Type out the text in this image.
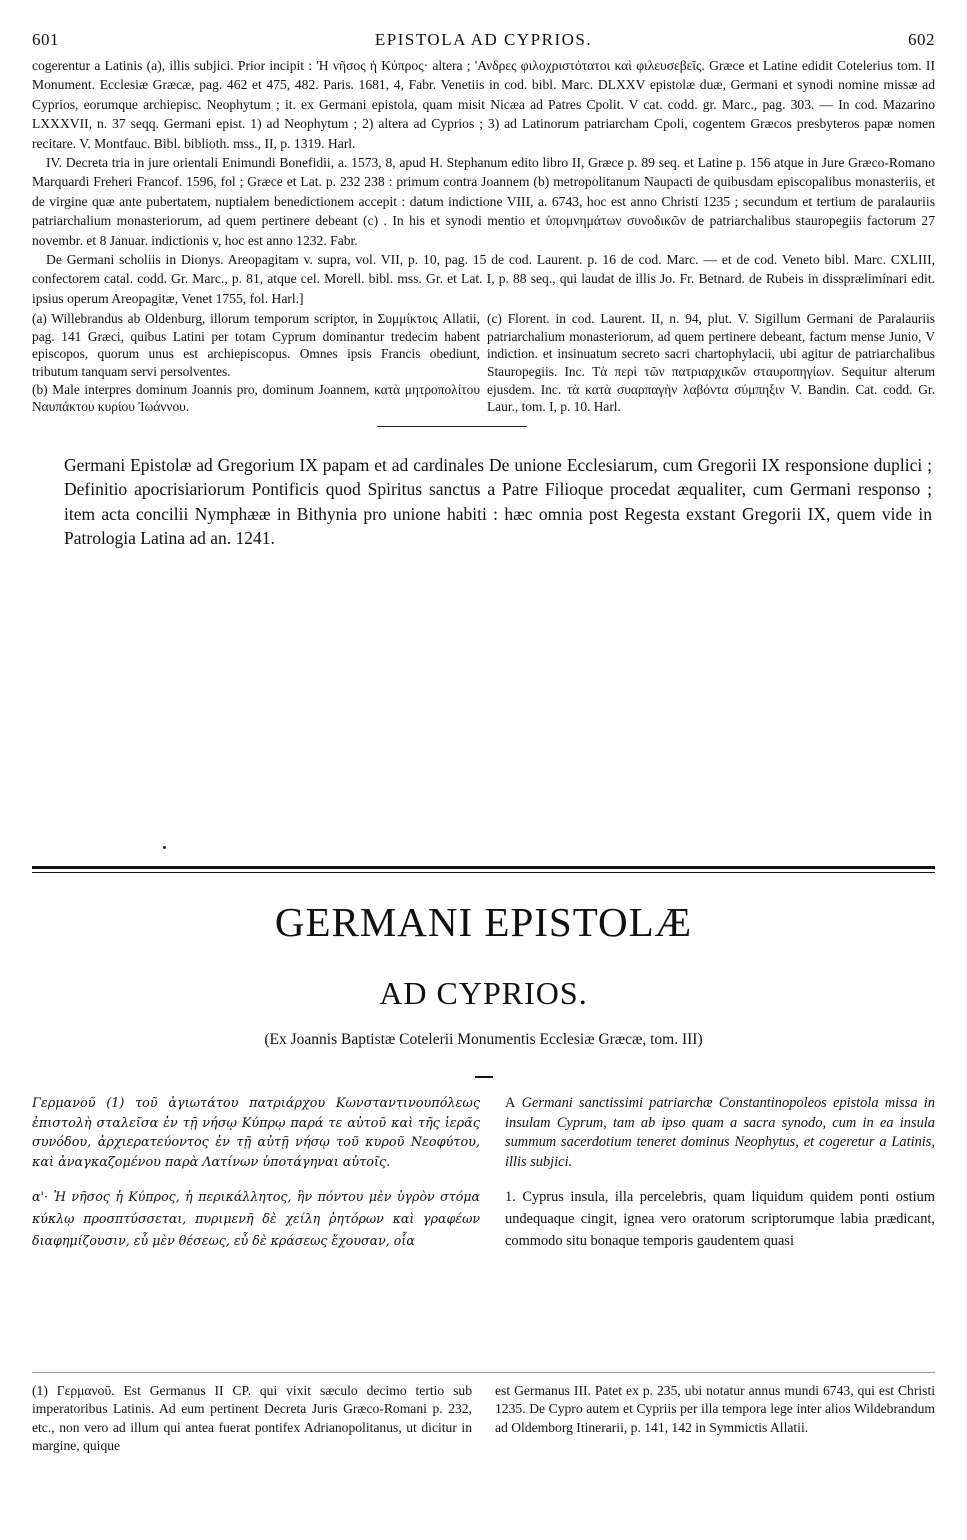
601	EPISTOLA AD CYPRIOS.	602

cogerentur a Latinis (a), illis subjici. Prior incipit : 'Η νῆσος ἡ Κύπρος· altera ; 'Ανδρες φιλοχριστότατοι καὶ φιλευσεβεῖς. Græce et Latine edidit Cotelerius tom. II Monument. Ecclesiæ Græcæ, pag. 462 et 475, 482. Paris. 1681, 4, Fabr. Venetiis in cod. bibl. Marc. DLXXV epistolæ duæ, Germani et synodi nomine missæ ad Cyprios, eorumque archiepisc. Neophytum ; it. ex Germani epistola, quam misit Nicæa ad Patres Cpolit. V cat. codd. gr. Marc., pag. 303. — In cod. Mazarino LXXXVII, n. 37 seqq. Germani epist. 1) ad Neophytum ; 2) altera ad Cyprios ; 3) ad Latinorum patriarcham Cpoli, cogentem Græcos presbyteros papæ nomen recitare. V. Montfauc. Bibl. biblioth. mss., II, p. 1319. Harl.

IV. Decreta tria in jure orientali Enimundi Bonefidii, a. 1573, 8, apud H. Stephanum edito libro II, Græce p. 89 seq. et Latine p. 156 atque in Jure Græco-Romano Marquardi Freheri Francof. 1596, fol ; Græce et Lat. p. 232 238 : primum contra Joannem (b) metropolitanum Naupacti de quibusdam episcopalibus monasteriis, et de virgine quæ ante pubertatem, nuptialem benedictionem accepit : datum indictione VIII, a. 6743, hoc est anno Christi 1235 ; secundum et tertium de paralauriis patriarchalium monasteriorum, ad quem pertinere debeant (c) . In his et synodi mentio et ὑπομνημάτων συνοδικῶν de patriarchalibus stauropegiis factorum 27 novembr. et 8 Januar. indictionis v, hoc est anno 1232. Fabr.

De Germani scholiis in Dionys. Areopagitam v. supra, vol. VII, p. 10, pag. 15 de cod. Laurent. p. 16 de cod. Marc. — et de cod. Veneto bibl. Marc. CXLIII, confectorem catal. codd. Gr. Marc., p. 81, atque cel. Morell. bibl. mss. Gr. et Lat. I, p. 88 seq., qui laudat de illis Jo. Fr. Betnard. de Rubeis in dissprælimínari edit. ipsius operum Areopagitæ, Venet 1755, fol. Harl.]

(a) Willebrandus ab Oldenburg, illorum temporum scriptor, in Συμμίκτοις Allatii, pag. 141 Græci, quibus Latini per totam Cyprum dominantur tredecim habent episcopos, quorum unus est archiepiscopus. Omnes ipsis Francis obediunt, tributum tanquam servi persolventes.

(b) Male interpres dominum Joannis pro, dominum Joannem, κατὰ μητροπολίτου Ναυπάκτου κυρίου Ἰωάννου.

(c) Florent. in cod. Laurent. II, n. 94, plut. V. Sigillum Germani de Paralauriis patriarchalium monasteriorum, ad quem pertinere debeant, factum mense Junio, V indiction. et insinuatum secreto sacri chartophylacii, ubi agitur de patriarchalibus Stauropegiis. Inc. Τὰ περὶ τῶν πατριαρχικῶν σταυροπηγίων. Sequitur alterum ejusdem. Inc. τὰ κατὰ συαρπαγὴν λαβόντα σύμπηξιν V. Bandin. Cat. codd. Gr. Laur., tom. I, p. 10. Harl.

Germani Epistolæ ad Gregorium IX papam et ad cardinales De unione Ecclesiarum, cum Gregorii IX responsione duplici ; Definitio apocrisiariorum Pontificis quod Spiritus sanctus a Patre Filioque procedat æqualiter, cum Germani responso ; item acta concilii Nymphææ in Bithynia pro unione habiti : hæc omnia post Regesta exstant Gregorii IX, quem vide in Patrologia Latina ad an. 1241.

GERMANI EPISTOLÆ
AD CYPRIOS.
(Ex Joannis Baptistæ Cotelerii Monumentis Ecclesiæ Græcæ, tom. III)

Γερμανοῦ (1) τοῦ ἁγιωτάτου πατριάρχου Κωνσταντινουπόλεως ἐπιστολὴ σταλεῖσα ἐν τῇ νήσῳ Κύπρῳ παρά τε αὐτοῦ καὶ τῆς ἱερᾶς συνόδου, ἀρχιερατεύοντος ἐν τῇ αὐτῇ νήσῳ τοῦ κυροῦ Νεοφύτου, καὶ ἀναγκαζομένου παρὰ Λατίνων ὑποτάγηναι αὐτοῖς.

α'· Ἡ νῆσος ἡ Κύπρος, ἡ περικάλλητος, ἣν πόντου μὲν ὑγρὸν στόμα κύκλῳ προσπτύσσεται, πυριμενῆ δὲ χείλη ῥητόρων καὶ γραφέων διαφημίζουσιν, εὖ μὲν θέσεως, εὖ δὲ κράσεως ἔχουσαν, οἷα

A Germani sanctissimi patriarchæ Constantinopoleos epistola missa in insulam Cyprum, tam ab ipso quam a sacra synodo, cum in ea insula summum sacerdotium teneret dominus Neophytus, et cogeretur a Latinis, illis subjici.

1. Cyprus insula, illa percelebris, quam liquidum quidem ponti ostium undequaque cingit, ignea vero oratorum scriptorumque labia prædicant, commodo situ bonaque temporis gaudentem quasi

(1) Γερμανοῦ. Est Germanus II CP. qui vixit sæculo decimo tertio sub imperatoribus Latinis. Ad eum pertinent Decreta Juris Græco-Romani p. 232, etc., non vero ad illum qui antea fuerat pontifex Adrianopolitanus, ut dicitur in margine, quique

est Germanus III. Patet ex p. 235, ubi notatur annus mundi 6743, qui est Christi 1235. De Cypro autem et Cypriis per illa tempora lege inter alios Wildebrandum ad Oldemborg Itinerarii, p. 141, 142 in Symmictis Allatii.
